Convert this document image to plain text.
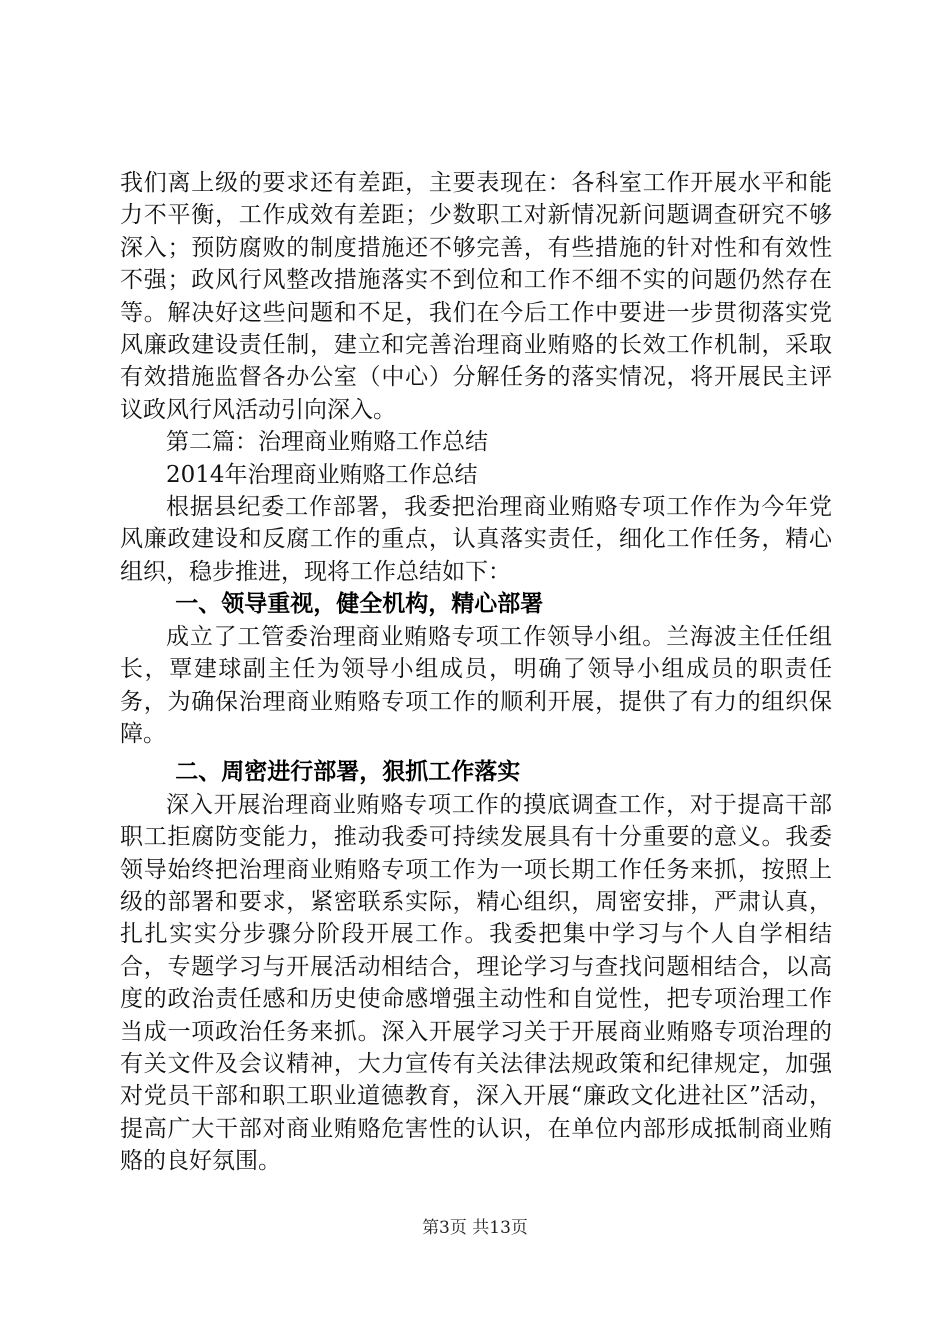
我们离上级的要求还有差距，主要表现在：各科室工作开展水平和能力不平衡，工作成效有差距；少数职工对新情况新问题调查研究不够深入；预防腐败的制度措施还不够完善，有些措施的针对性和有效性不强；政风行风整改措施落实不到位和工作不细不实的问题仍然存在等。解决好这些问题和不足，我们在今后工作中要进一步贯彻落实党风廉政建设责任制，建立和完善治理商业贿赂的长效工作机制，采取有效措施监督各办公室（中心）分解任务的落实情况，将开展民主评议政风行风活动引向深入。

第二篇：治理商业贿赂工作总结

2014年治理商业贿赂工作总结

根据县纪委工作部署，我委把治理商业贿赂专项工作作为今年党风廉政建设和反腐工作的重点，认真落实责任，细化工作任务，精心组织，稳步推进，现将工作总结如下：

一、领导重视，健全机构，精心部署

成立了工管委治理商业贿赂专项工作领导小组。兰海波主任任组长，覃建球副主任为领导小组成员，明确了领导小组成员的职责任务，为确保治理商业贿赂专项工作的顺利开展，提供了有力的组织保障。

二、周密进行部署，狠抓工作落实

深入开展治理商业贿赂专项工作的摸底调查工作，对于提高干部职工拒腐防变能力，推动我委可持续发展具有十分重要的意义。我委领导始终把治理商业贿赂专项工作为一项长期工作任务来抓，按照上级的部署和要求，紧密联系实际，精心组织，周密安排，严肃认真，扎扎实实分步骤分阶段开展工作。我委把集中学习与个人自学相结合，专题学习与开展活动相结合，理论学习与查找问题相结合，以高度的政治责任感和历史使命感增强主动性和自觉性，把专项治理工作当成一项政治任务来抓。深入开展学习关于开展商业贿赂专项治理的有关文件及会议精神，大力宣传有关法律法规政策和纪律规定，加强对党员干部和职工职业道德教育，深入开展“廉政文化进社区”活动，提高广大干部对商业贿赂危害性的认识，在单位内部形成抵制商业贿赂的良好氛围。

第3页 共13页
